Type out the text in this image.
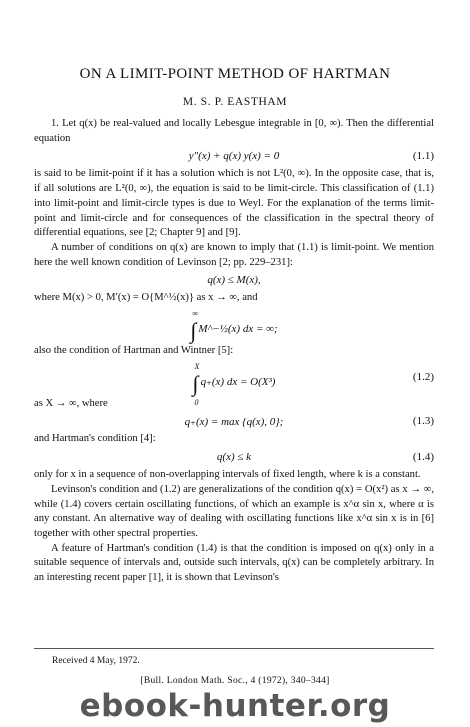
ON A LIMIT-POINT METHOD OF HARTMAN
M. S. P. EASTHAM

1. Let q(x) be real-valued and locally Lebesgue integrable in [0, ∞). Then the differential equation

y″(x) + q(x) y(x) = 0	(1.1)

is said to be limit-point if it has a solution which is not L²(0, ∞). In the opposite case, that is, if all solutions are L²(0, ∞), the equation is said to be limit-circle. This classification of (1.1) into limit-point and limit-circle types is due to Weyl. For the explanation of the terms limit-point and limit-circle and for consequences of the classification in the spectral theory of differential equations, see [2; Chapter 9] and [9].

A number of conditions on q(x) are known to imply that (1.1) is limit-point. We mention here the well known condition of Levinson [2; pp. 229–231]:

q(x) ≤ M(x),

where M(x) > 0, M′(x) = O{M^½(x)} as x → ∞, and

∫
∞
M^−½(x) dx = ∞;

also the condition of Hartman and Wintner [5]:

∫
X
0
q₊(x) dx = O(X³)	(1.2)

as X → ∞, where

q₊(x) = max {q(x), 0};	(1.3)

and Hartman's condition [4]:

q(x) ≤ k	(1.4)

only for x in a sequence of non-overlapping intervals of fixed length, where k is a constant.

Levinson's condition and (1.2) are generalizations of the condition q(x) = O(x²) as x → ∞, while (1.4) covers certain oscillating functions, of which an example is x^α sin x, where α is any constant. An alternative way of dealing with oscillating functions like x^α sin x is in [6] together with other spectral properties.

A feature of Hartman's condition (1.4) is that the condition is imposed on q(x) only in a suitable sequence of intervals and, outside such intervals, q(x) can be completely arbitrary. In an interesting recent paper [1], it is shown that Levinson's

Received 4 May, 1972.
[Bull. London Math. Soc., 4 (1972), 340–344]
ebook-hunter.org
